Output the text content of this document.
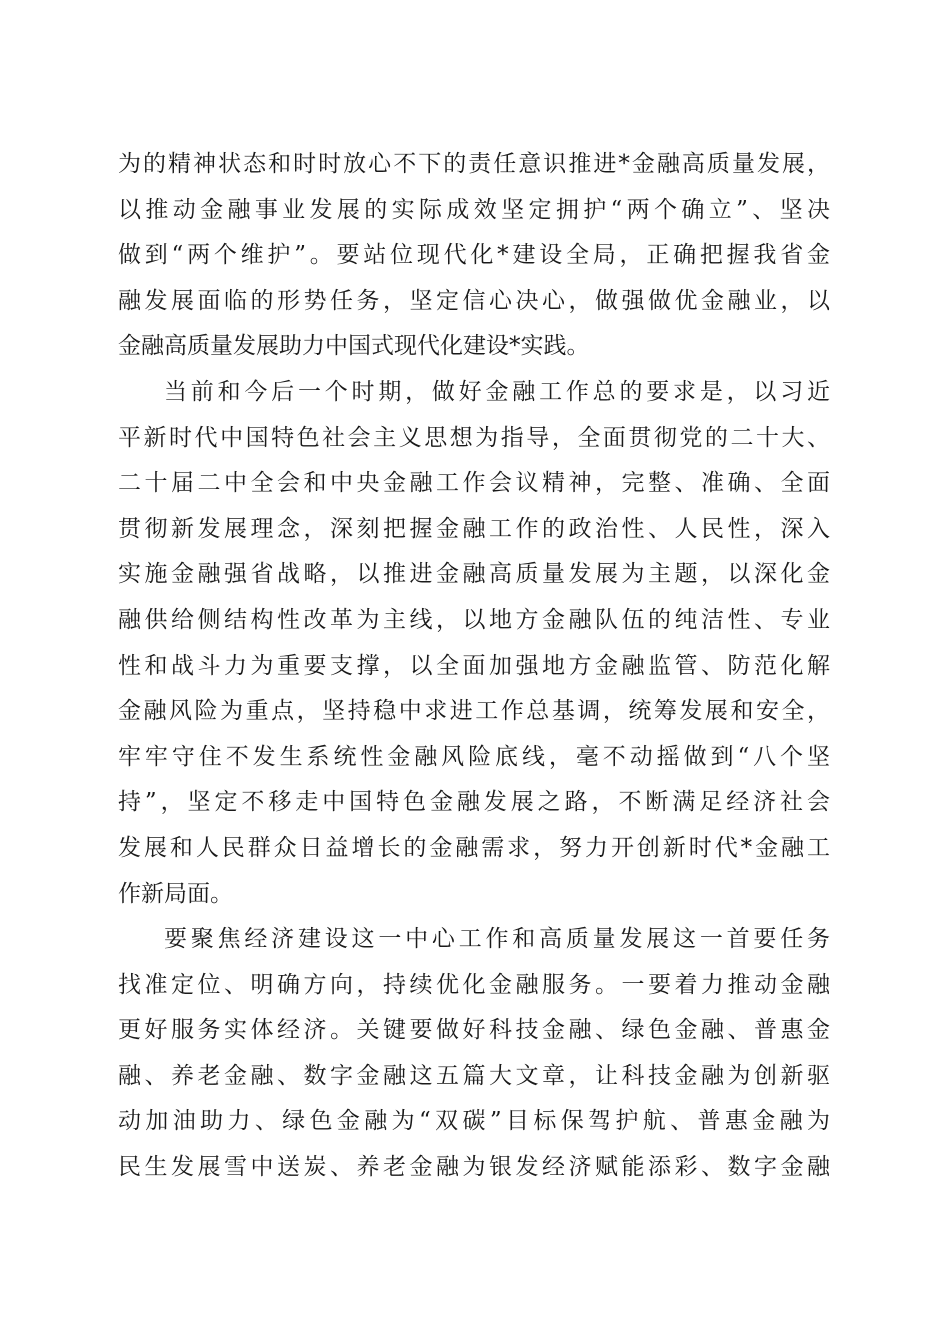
为的精神状态和时时放心不下的责任意识推进*金融高质量发展，
以推动金融事业发展的实际成效坚定拥护“两个确立”、坚决
做到“两个维护”。要站位现代化*建设全局，正确把握我省金
融发展面临的形势任务，坚定信心决心，做强做优金融业，以
金融高质量发展助力中国式现代化建设*实践。
当前和今后一个时期，做好金融工作总的要求是，以习近
平新时代中国特色社会主义思想为指导，全面贯彻党的二十大、
二十届二中全会和中央金融工作会议精神，完整、准确、全面
贯彻新发展理念，深刻把握金融工作的政治性、人民性，深入
实施金融强省战略，以推进金融高质量发展为主题，以深化金
融供给侧结构性改革为主线，以地方金融队伍的纯洁性、专业
性和战斗力为重要支撑，以全面加强地方金融监管、防范化解
金融风险为重点，坚持稳中求进工作总基调，统筹发展和安全，
牢牢守住不发生系统性金融风险底线，毫不动摇做到“八个坚
持”，坚定不移走中国特色金融发展之路，不断满足经济社会
发展和人民群众日益增长的金融需求，努力开创新时代*金融工
作新局面。
要聚焦经济建设这一中心工作和高质量发展这一首要任务
找准定位、明确方向，持续优化金融服务。一要着力推动金融
更好服务实体经济。关键要做好科技金融、绿色金融、普惠金
融、养老金融、数字金融这五篇大文章，让科技金融为创新驱
动加油助力、绿色金融为“双碳”目标保驾护航、普惠金融为
民生发展雪中送炭、养老金融为银发经济赋能添彩、数字金融
